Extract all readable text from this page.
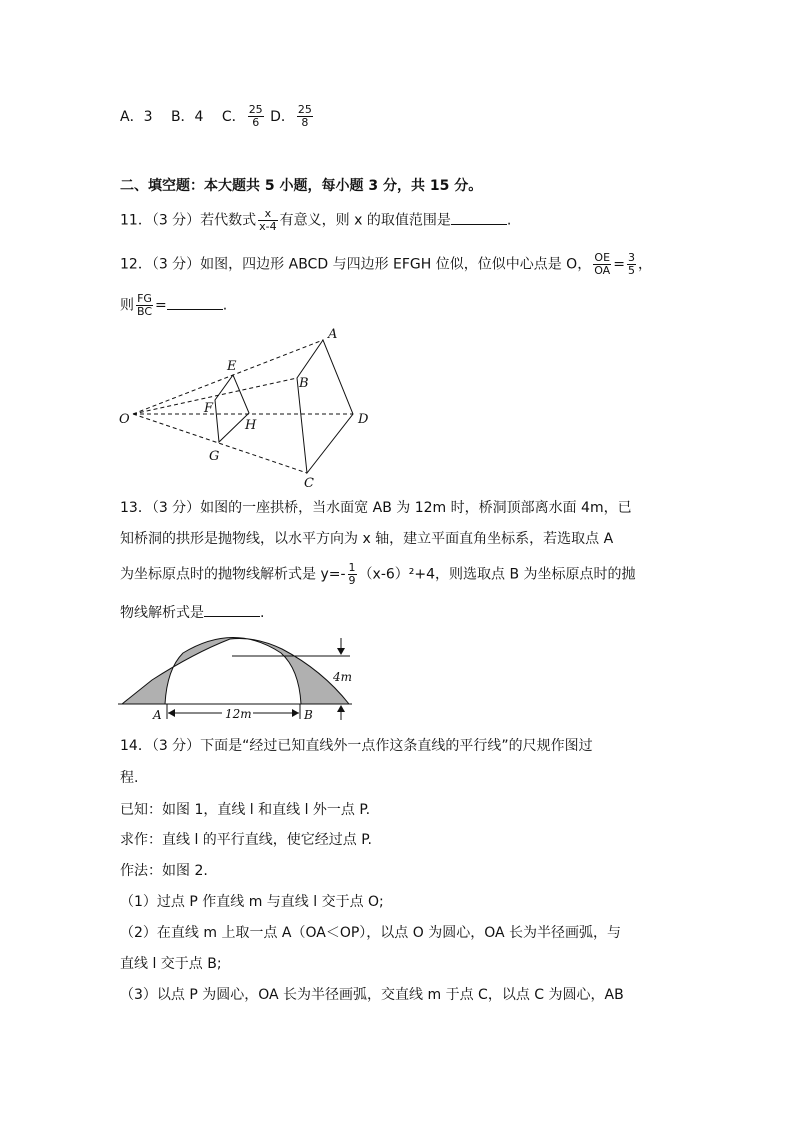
A．3 B．4 C． $\frac{25}{6}$ D． $\frac{25}{8}$
二、填空题：本大题共 5 小题，每小题 3 分，共 15 分。
11．（3 分）若代数式 $\frac{x}{x-4}$ 有意义，则 x 的取值范围是	.
12．（3 分）如图，四边形 ABCD 与四边形 EFGH 位似，位似中心点是 O， $\frac{OE}{OA} = \frac{3}{5}$ ，
则 $\frac{FG}{BC}$ =	.
A
B
C
D
E
F
G
H
O
13．（3 分）如图的一座拱桥，当水面宽 AB 为 12m 时，桥洞顶部离水面 4m，已
知桥洞的拱形是抛物线，以水平方向为 x 轴，建立平面直角坐标系，若选取点 A
为坐标原点时的抛物线解析式是 $y=- \frac{1}{9} (x-6)^2+4$，则选取点 B 为坐标原点时的抛
物线解析式是	.
4m
12m
A	B
14．（3 分）下面是“经过已知直线外一点作这条直线的平行线”的尺规作图过
程.
已知：如图 1，直线 l 和直线 l 外一点 P.
求作：直线 l 的平行直线，使它经过点 P.
作法：如图 2.
（1）过点 P 作直线 m 与直线 l 交于点 O;
（2）在直线 m 上取一点 A（OA＜OP），以点 O 为圆心，OA 长为半径画弧，与
直线 l 交于点 B;
（3）以点 P 为圆心，OA 长为半径画弧，交直线 m 于点 C，以点 C 为圆心，AB
